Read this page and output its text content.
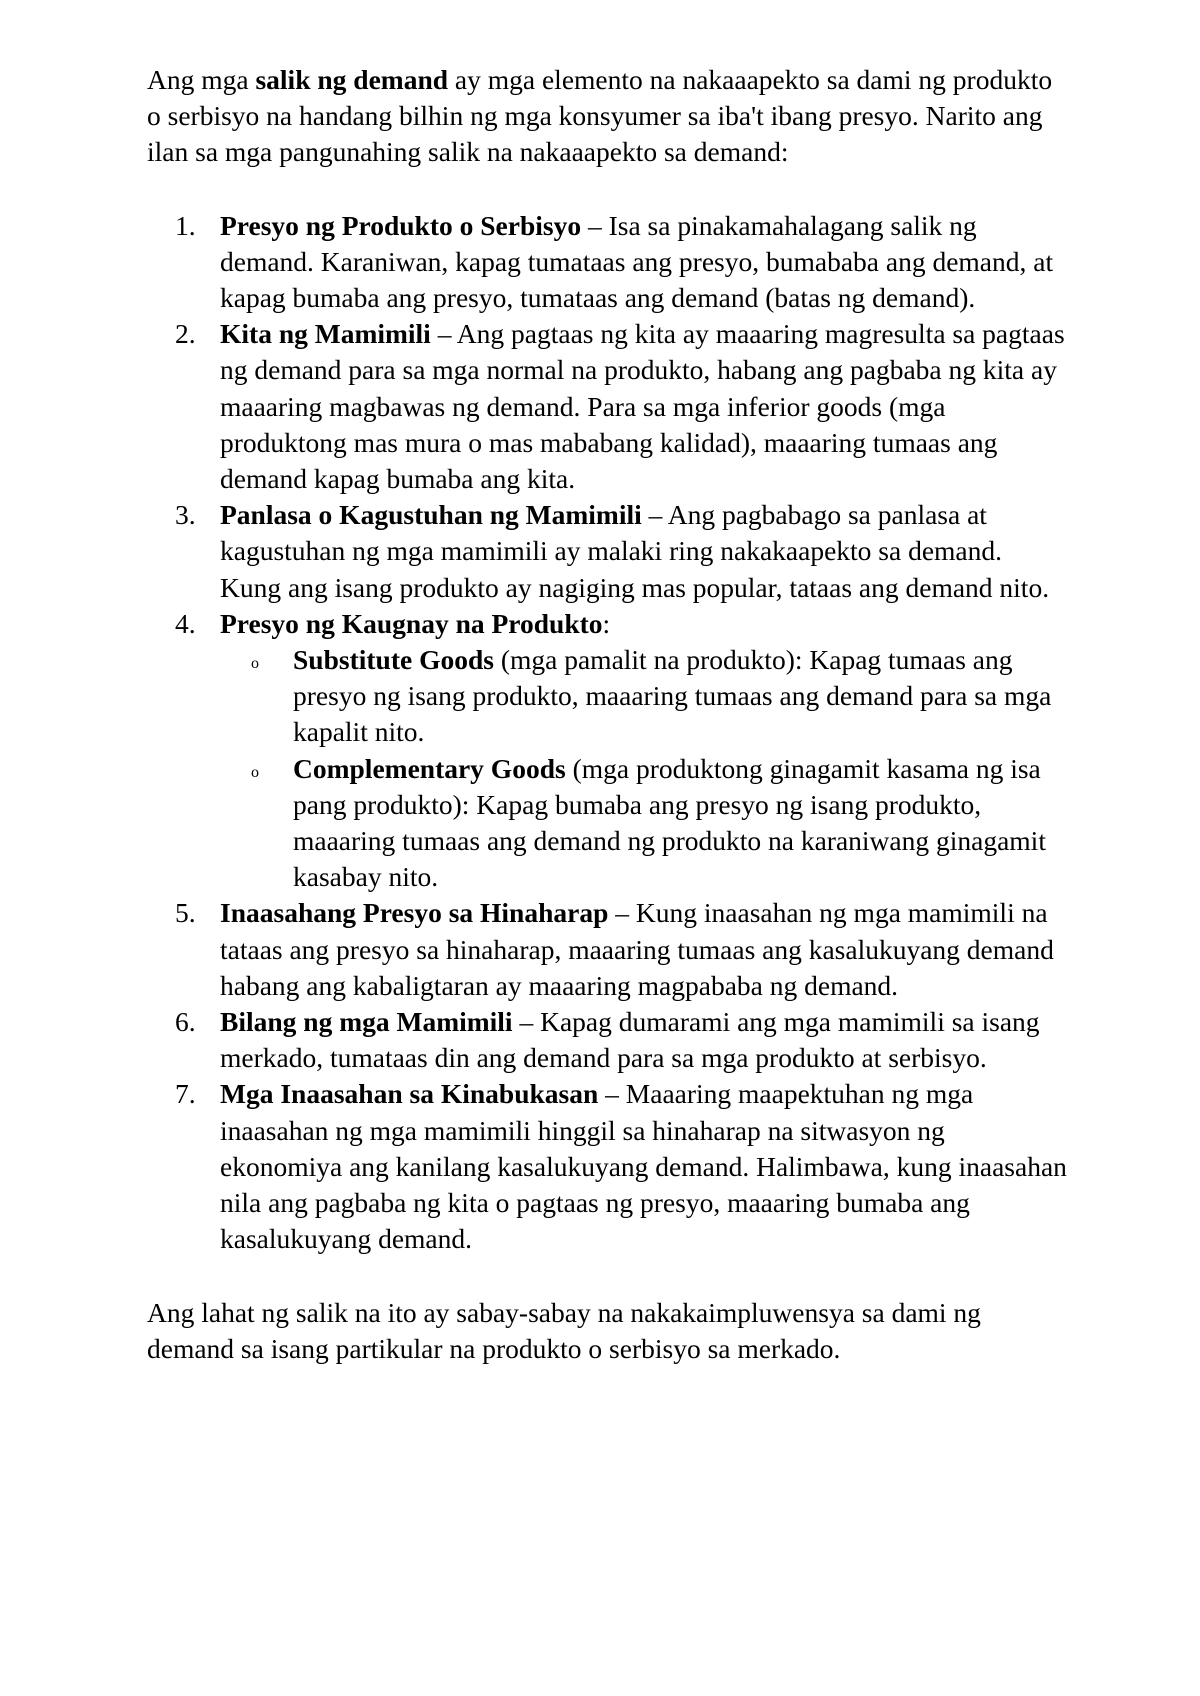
Ang mga salik ng demand ay mga elemento na nakaaapekto sa dami ng produkto o serbisyo na handang bilhin ng mga konsyumer sa iba't ibang presyo. Narito ang ilan sa mga pangunahing salik na nakaaapekto sa demand:

1. Presyo ng Produkto o Serbisyo – Isa sa pinakamahalagang salik ng demand. Karaniwan, kapag tumataas ang presyo, bumababa ang demand, at kapag bumaba ang presyo, tumataas ang demand (batas ng demand).
2. Kita ng Mamimili – Ang pagtaas ng kita ay maaaring magresulta sa pagtaas ng demand para sa mga normal na produkto, habang ang pagbaba ng kita ay maaaring magbawas ng demand. Para sa mga inferior goods (mga produktong mas mura o mas mababang kalidad), maaaring tumaas ang demand kapag bumaba ang kita.
3. Panlasa o Kagustuhan ng Mamimili – Ang pagbabago sa panlasa at kagustuhan ng mga mamimili ay malaki ring nakakaapekto sa demand. Kung ang isang produkto ay nagiging mas popular, tataas ang demand nito.
4. Presyo ng Kaugnay na Produkto:
o Substitute Goods (mga pamalit na produkto): Kapag tumaas ang presyo ng isang produkto, maaaring tumaas ang demand para sa mga kapalit nito.
o Complementary Goods (mga produktong ginagamit kasama ng isa pang produkto): Kapag bumaba ang presyo ng isang produkto, maaaring tumaas ang demand ng produkto na karaniwang ginagamit kasabay nito.
5. Inaasahang Presyo sa Hinaharap – Kung inaasahan ng mga mamimili na tataas ang presyo sa hinaharap, maaaring tumaas ang kasalukuyang demand habang ang kabaligtaran ay maaaring magpababa ng demand.
6. Bilang ng mga Mamimili – Kapag dumarami ang mga mamimili sa isang merkado, tumataas din ang demand para sa mga produkto at serbisyo.
7. Mga Inaasahan sa Kinabukasan – Maaaring maapektuhan ng mga inaasahan ng mga mamimili hinggil sa hinaharap na sitwasyon ng ekonomiya ang kanilang kasalukuyang demand. Halimbawa, kung inaasahan nila ang pagbaba ng kita o pagtaas ng presyo, maaaring bumaba ang kasalukuyang demand.

Ang lahat ng salik na ito ay sabay-sabay na nakakaimpluwensya sa dami ng demand sa isang partikular na produkto o serbisyo sa merkado.
